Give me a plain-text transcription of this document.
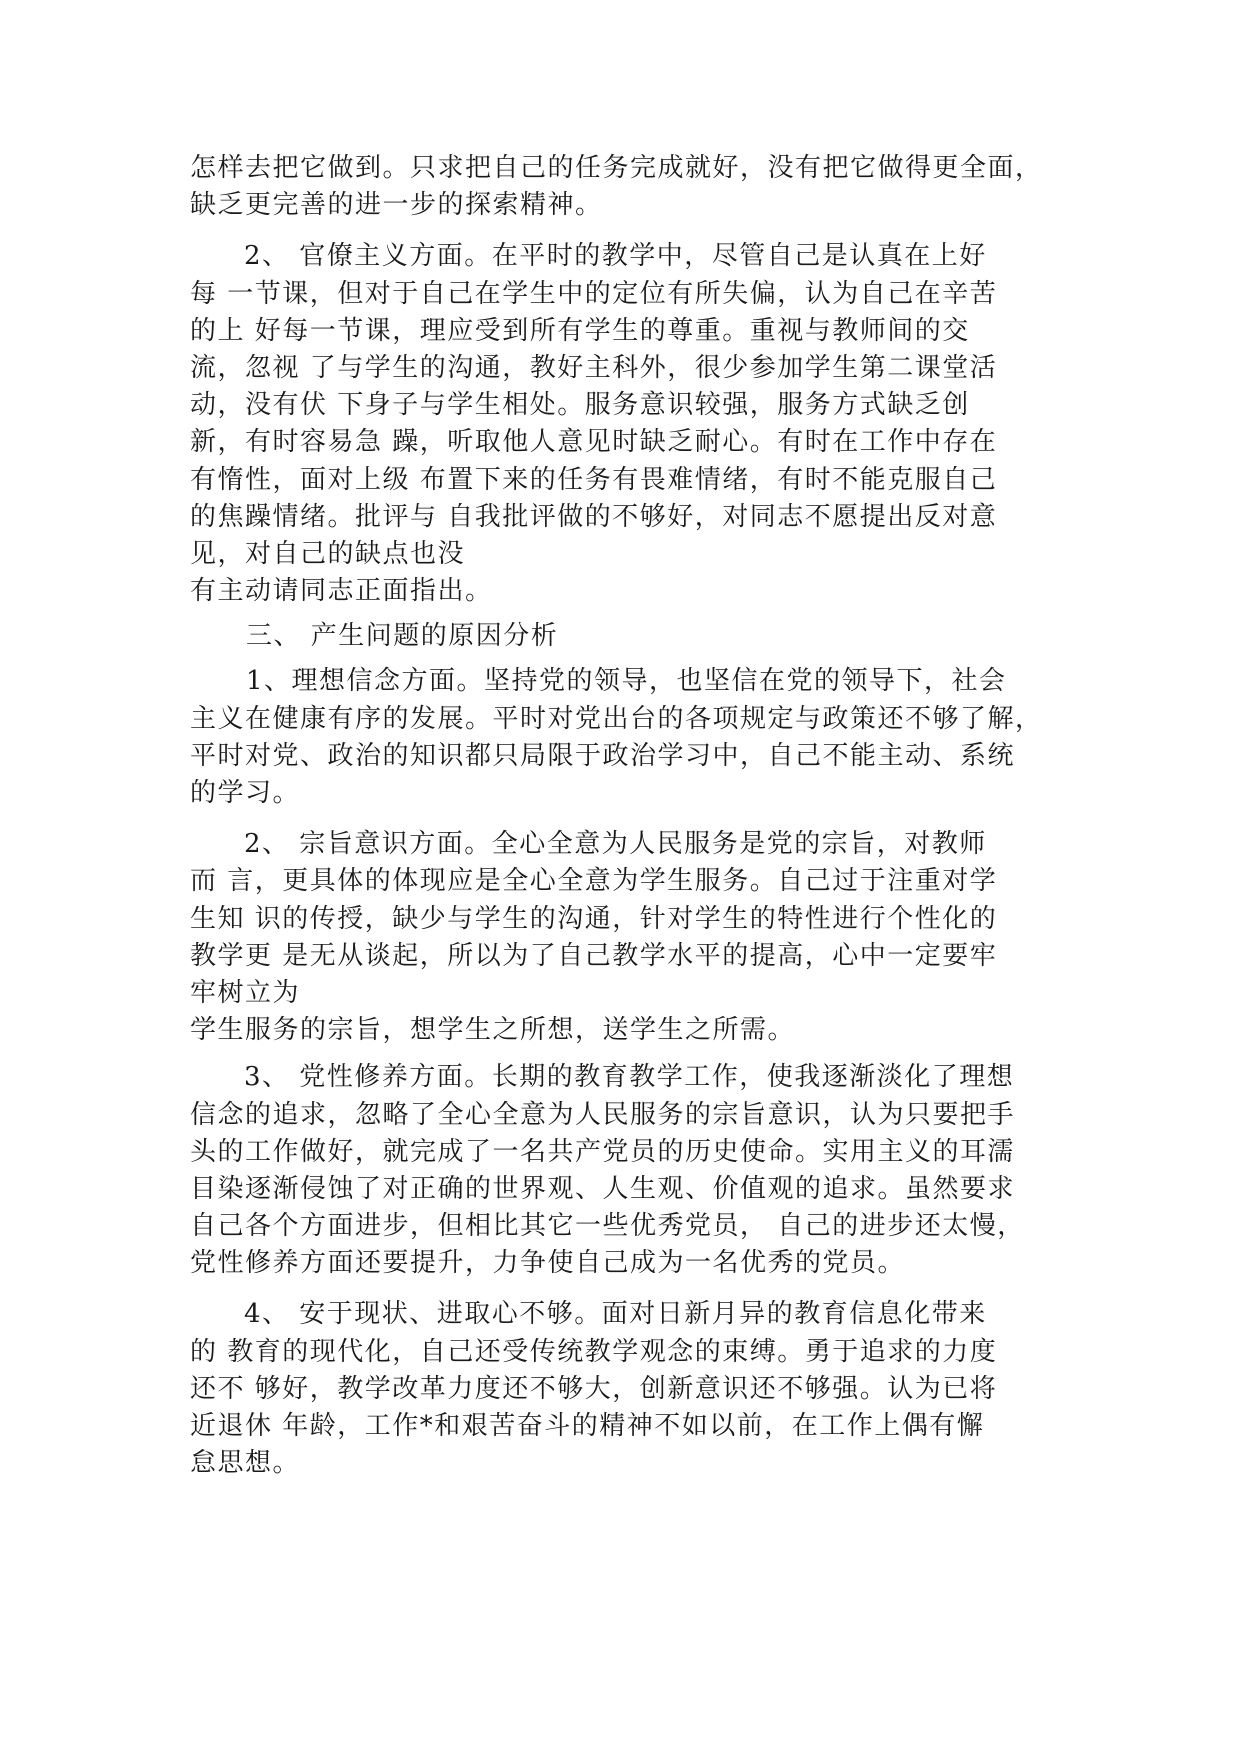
怎样去把它做到。只求把自己的任务完成就好，没有把它做得更全面，
缺乏更完善的进一步的探索精神。
2、 官僚主义方面。在平时的教学中，尽管自己是认真在上好
每 一节课，但对于自己在学生中的定位有所失偏，认为自己在辛苦
的上 好每一节课，理应受到所有学生的尊重。重视与教师间的交
流，忽视 了与学生的沟通，教好主科外，很少参加学生第二课堂活
动，没有伏 下身子与学生相处。服务意识较强，服务方式缺乏创
新，有时容易急 躁，听取他人意见时缺乏耐心。有时在工作中存在
有惰性，面对上级 布置下来的任务有畏难情绪，有时不能克服自己
的焦躁情绪。批评与 自我批评做的不够好，对同志不愿提出反对意
见，对自己的缺点也没
有主动请同志正面指出。
三、 产生问题的原因分析
1、理想信念方面。坚持党的领导，也坚信在党的领导下，社会
主义在健康有序的发展。平时对党出台的各项规定与政策还不够了解，
平时对党、政治的知识都只局限于政治学习中，自己不能主动、系统
的学习。
2、 宗旨意识方面。全心全意为人民服务是党的宗旨，对教师
而 言，更具体的体现应是全心全意为学生服务。自己过于注重对学
生知 识的传授，缺少与学生的沟通，针对学生的特性进行个性化的
教学更 是无从谈起，所以为了自己教学水平的提高，心中一定要牢
牢树立为
学生服务的宗旨，想学生之所想，送学生之所需。
3、 党性修养方面。长期的教育教学工作，使我逐渐淡化了理想
信念的追求，忽略了全心全意为人民服务的宗旨意识，认为只要把手
头的工作做好，就完成了一名共产党员的历史使命。实用主义的耳濡
目染逐渐侵蚀了对正确的世界观、人生观、价值观的追求。虽然要求
自己各个方面进步，但相比其它一些优秀党员， 自己的进步还太慢，
党性修养方面还要提升，力争使自己成为一名优秀的党员。
4、 安于现状、进取心不够。面对日新月异的教育信息化带来
的 教育的现代化，自己还受传统教学观念的束缚。勇于追求的力度
还不 够好，教学改革力度还不够大，创新意识还不够强。认为已将
近退休 年龄，工作*和艰苦奋斗的精神不如以前，在工作上偶有懈
怠思想。
